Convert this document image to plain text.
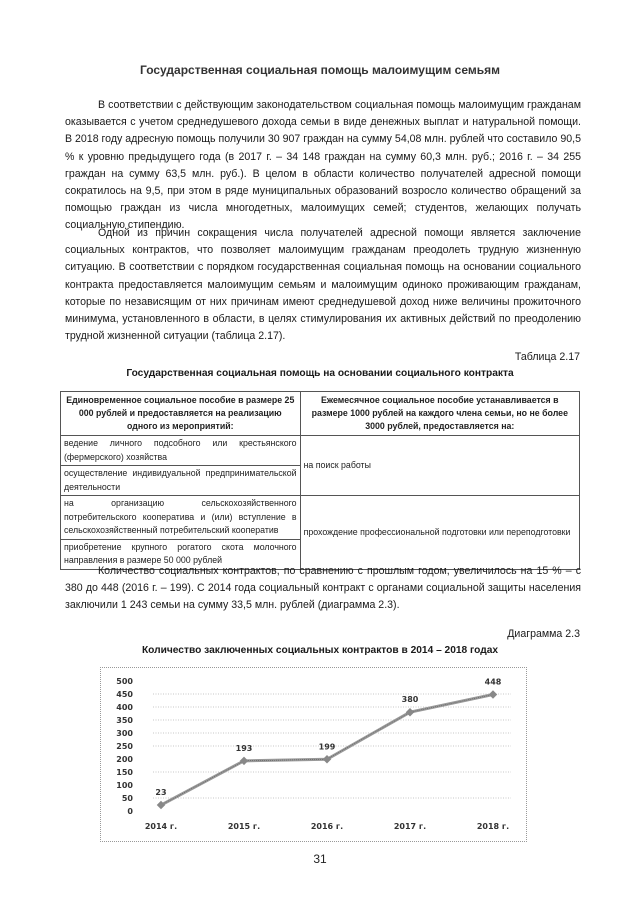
Государственная социальная помощь малоимущим семьям
В соответствии с действующим законодательством социальная помощь малоимущим гражданам оказывается с учетом среднедушевого дохода семьи в виде денежных выплат и натуральной помощи. В 2018 году адресную помощь получили 30 907 граждан на сумму 54,08 млн. рублей что составило 90,5 % к уровню предыдущего года (в 2017 г. – 34 148 граждан на сумму 60,3 млн. руб.; 2016 г. – 34 255 граждан на сумму 63,5 млн. руб.). В целом в области количество получателей адресной помощи сократилось на 9,5, при этом в ряде муниципальных образований возросло количество обращений за помощью граждан из числа многодетных, малоимущих семей; студентов, желающих получать социальную стипендию.
Одной из причин сокращения числа получателей адресной помощи является заключение социальных контрактов, что позволяет малоимущим гражданам преодолеть трудную жизненную ситуацию. В соответствии с порядком государственная социальная помощь на основании социального контракта предоставляется малоимущим семьям и малоимущим одиноко проживающим гражданам, которые по независящим от них причинам имеют среднедушевой доход ниже величины прожиточного минимума, установленного в области, в целях стимулирования их активных действий по преодолению трудной жизненной ситуации (таблица 2.17).
Таблица 2.17
Государственная социальная помощь на основании социального контракта
Единовременное социальное пособие в размере 25 000 рублей и предоставляется на реализацию одного из мероприятий:	Ежемесячное социальное пособие устанавливается в размере 1000 рублей на каждого члена семьи, но не более 3000 рублей, предоставляется на:
ведение личного подсобного или крестьянского (фермерского) хозяйства	на поиск работы
осуществление индивидуальной предпринимательской деятельности	
на организацию сельскохозяйственного потребительского кооператива и (или) вступление в сельскохозяйственный потребительский кооператив	прохождение профессиональной подготовки или переподготовки
приобретение крупного рогатого скота молочного направления в размере 50 000 рублей	
Количество социальных контрактов, по сравнению с прошлым годом, увеличилось на 15 % – с 380 до 448 (2016 г. – 199). С 2014 года социальный контракт с органами социальной защиты населения заключили 1 243 семьи на сумму 33,5 млн. рублей (диаграмма 2.3).
Диаграмма 2.3
Количество заключенных социальных контрактов в 2014 – 2018 годах
0
50
100
150
200
250
300
350
400
450
500
23
2014 г.
193
2015 г.
199
2016 г.
380
2017 г.
448
2018 г.
31
